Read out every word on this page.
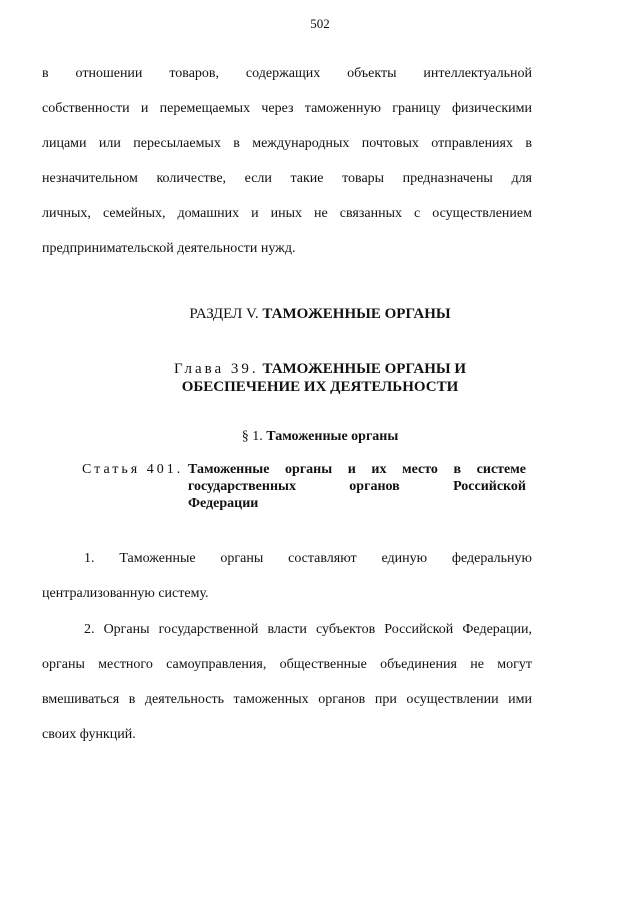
502
в отношении товаров, содержащих объекты интеллектуальной
собственности и перемещаемых через таможенную границу физическими
лицами или пересылаемых в международных почтовых отправлениях в
незначительном количестве, если такие товары предназначены для
личных, семейных, домашних и иных не связанных с осуществлением
предпринимательской деятельности нужд.
РАЗДЕЛ V. ТАМОЖЕННЫЕ ОРГАНЫ
Глава 39. ТАМОЖЕННЫЕ ОРГАНЫ И
ОБЕСПЕЧЕНИЕ ИХ ДЕЯТЕЛЬНОСТИ
§ 1. Таможенные органы
Статья 401. Таможенные органы и их место в системе
государственных органов Российской
Федерации
1. Таможенные органы составляют единую федеральную
централизованную систему.
2. Органы государственной власти субъектов Российской Федерации,
органы местного самоуправления, общественные объединения не могут
вмешиваться в деятельность таможенных органов при осуществлении ими
своих функций.
